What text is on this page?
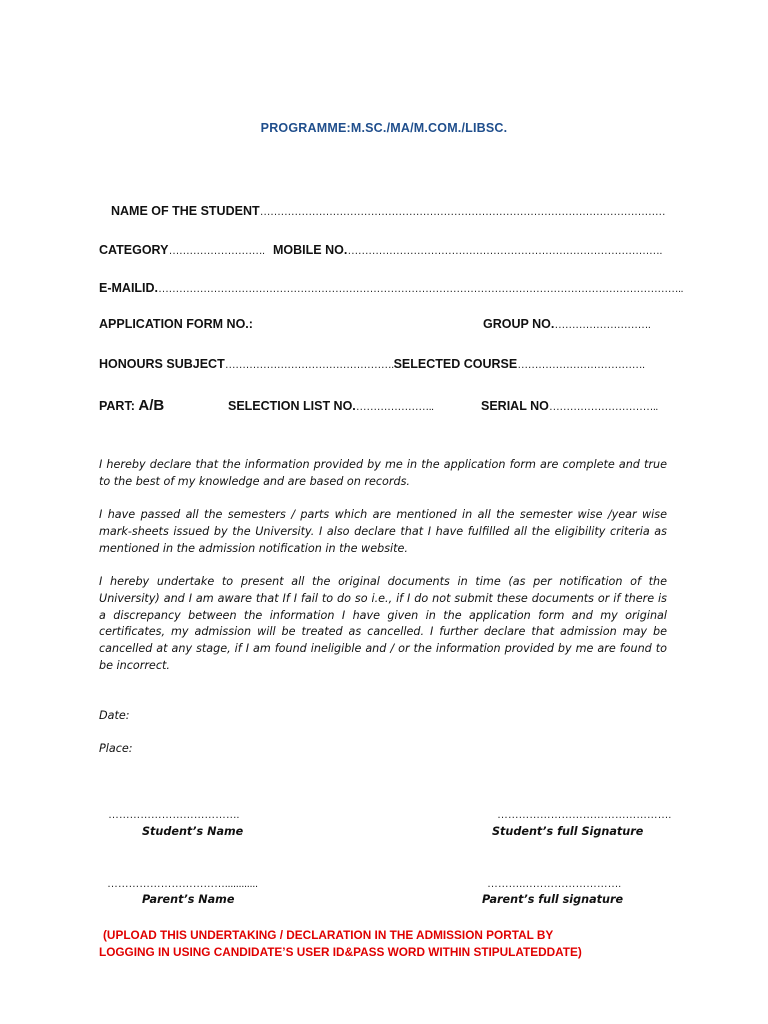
PROGRAMME:M.SC./MA/M.COM./LIBSC.
NAME OF THE STUDENT………………………………………………………………………………………………………
CATEGORY………………………. MOBILE NO.……………………………………………………………………………….
E-MAILID.……………………………………………………………………………………………………………………………………..
APPLICATION FORM NO.:	GROUP NO.……………………….
HONOURS SUBJECT………………………………………….SELECTED COURSE……………………………….
PART: A/B	SELECTION LIST NO.…………………..	SERIAL NO…………………………..
I hereby declare that the information provided by me in the application form are complete and true to the best of my knowledge and are based on records.
I have passed all the semesters / parts which are mentioned in all the semester wise /year wise mark-sheets issued by the University. I also declare that I have fulfilled all the eligibility criteria as mentioned in the admission notification in the website.
I hereby undertake to present all the original documents in time (as per notification of the University) and I am aware that If I fail to do so i.e., if I do not submit these documents or if there is a discrepancy between the information I have given in the application form and my original certificates, my admission will be treated as cancelled. I further declare that admission may be cancelled at any stage, if I am found ineligible and / or the information provided by me are found to be incorrect.
Date:
Place:
……………………………….
Student’s Name
………………………………………….
Student’s full Signature
……………………………............
Parent’s Name
……….……………………….
Parent’s full signature
(UPLOAD THIS UNDERTAKING / DECLARATION IN THE ADMISSION PORTAL BY
LOGGING IN USING CANDIDATE’S USER ID&PASS WORD WITHIN STIPULATEDDATE)
